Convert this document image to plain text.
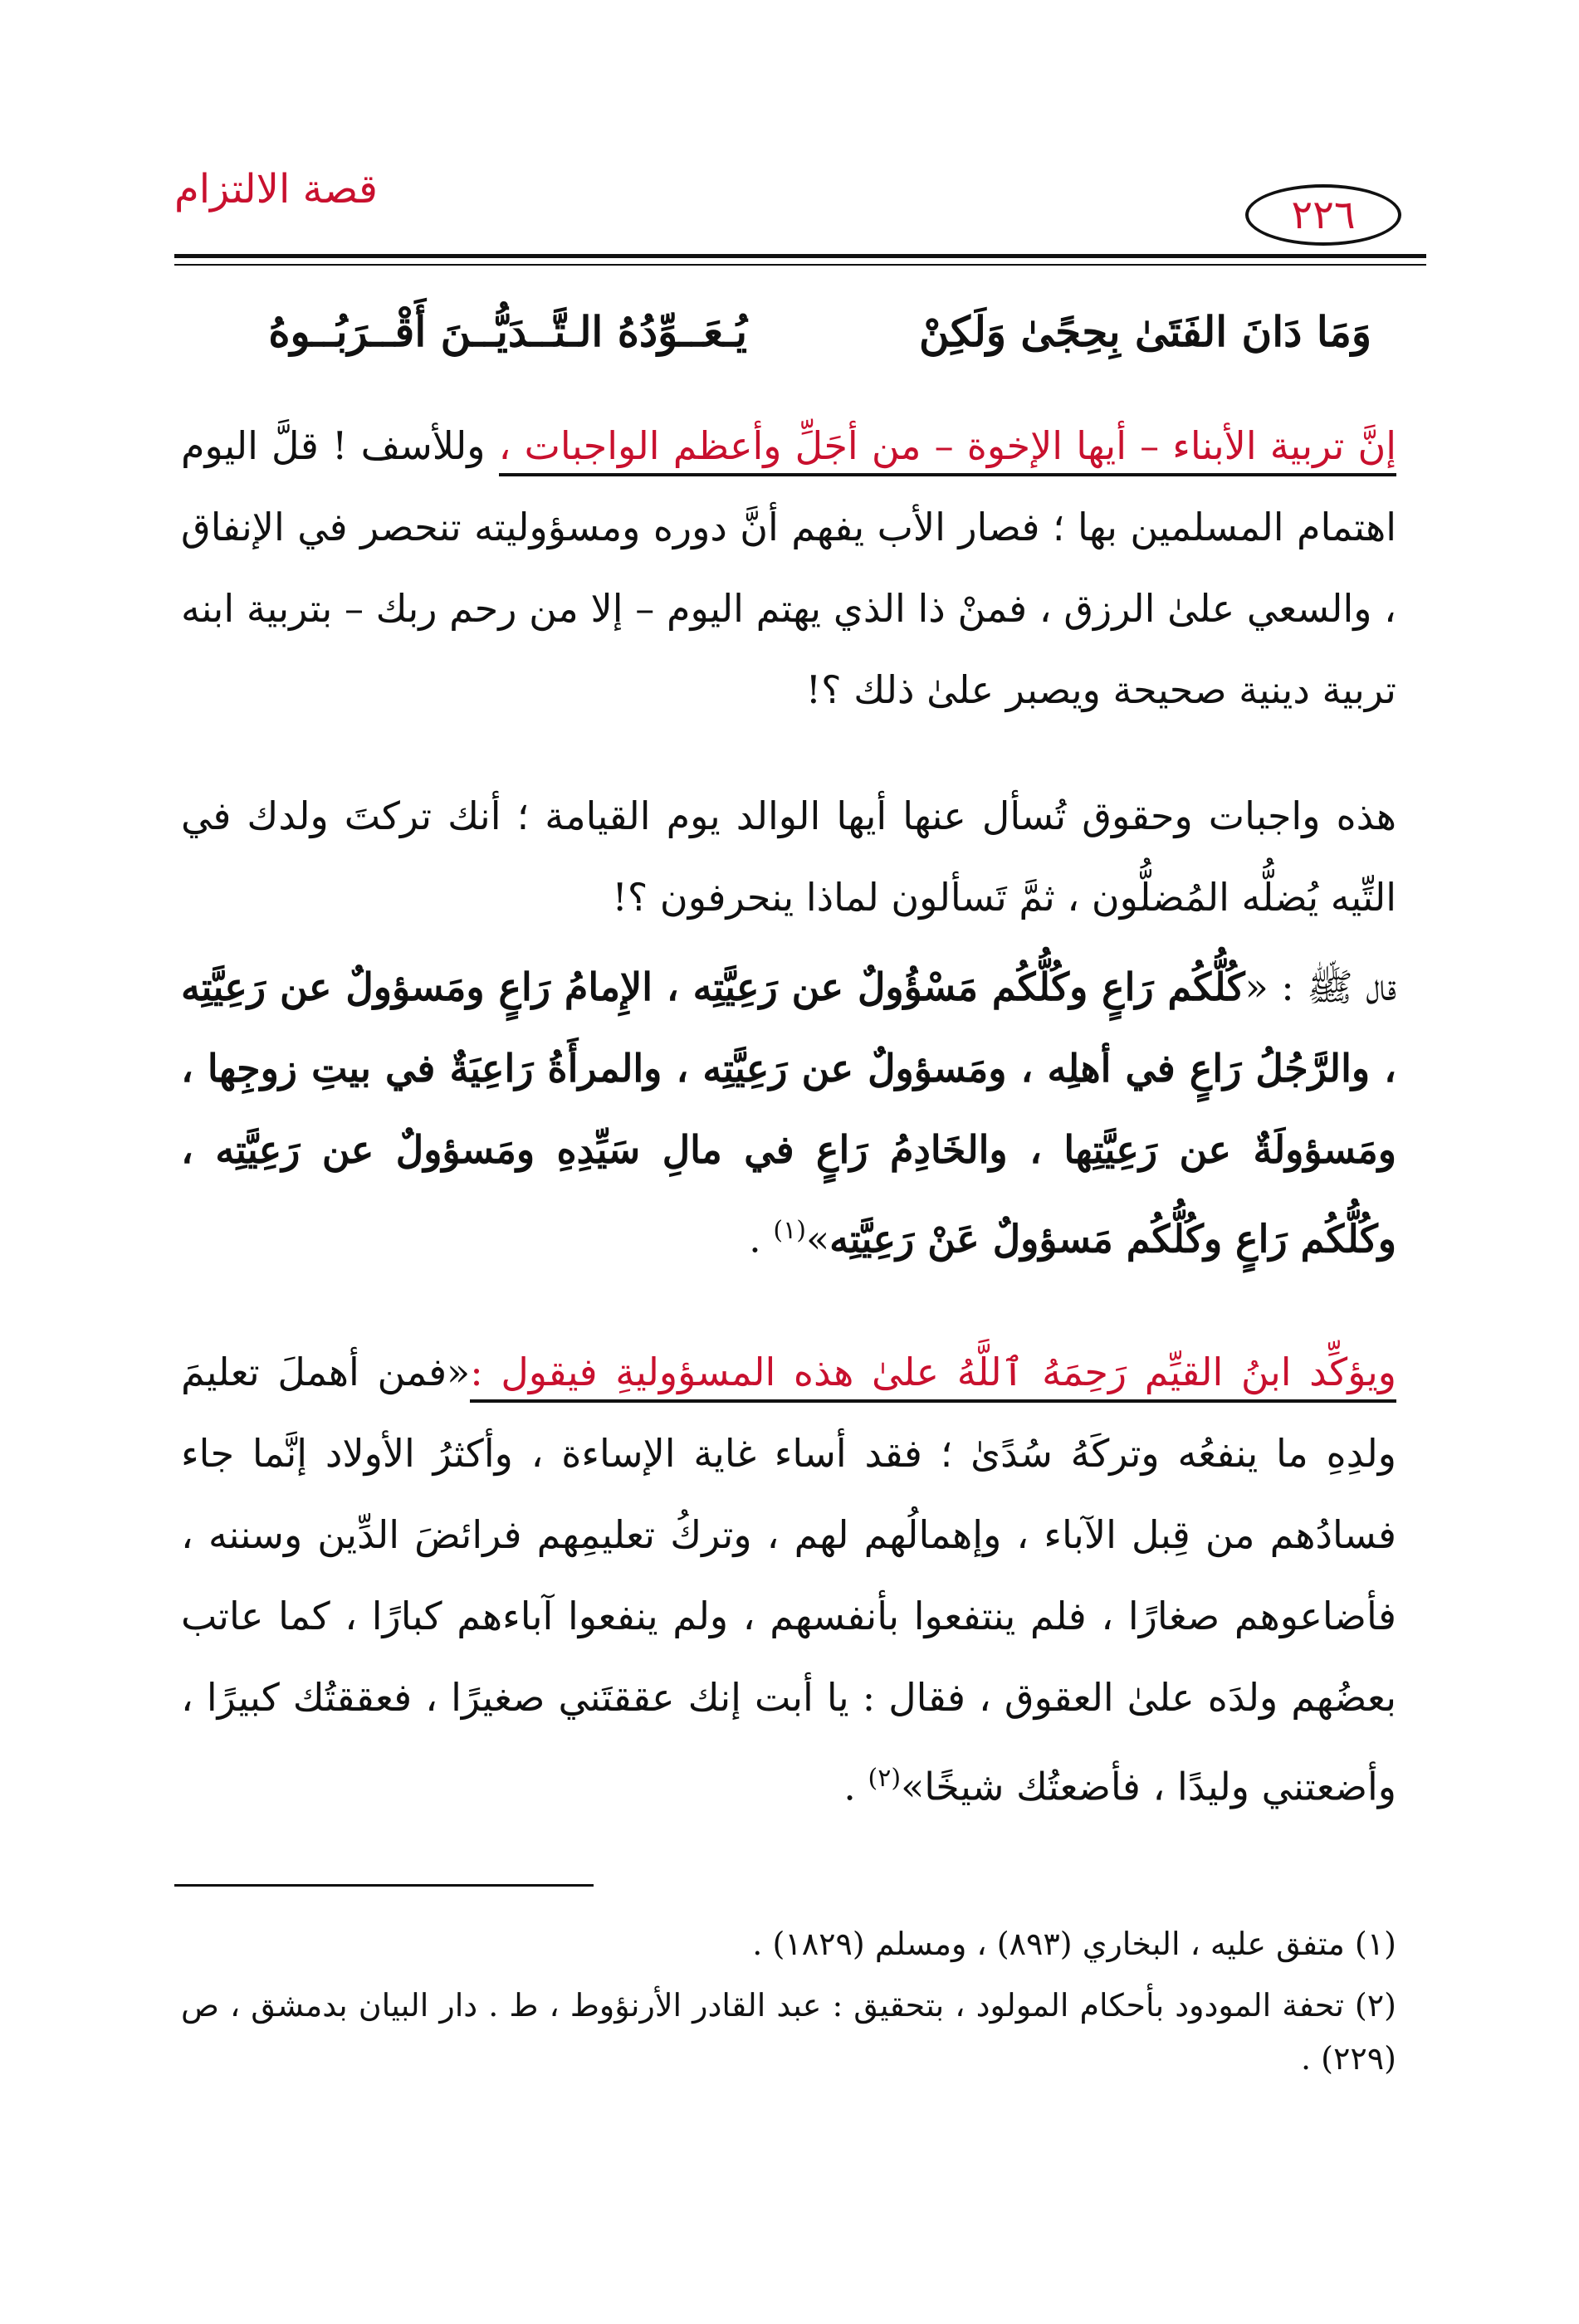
قصة الالتزام
٢٢٦
وَمَا دَانَ الفَتَىٰ بِحِجًىٰ وَلَكِنْ
يُـعَــوِّدُهُ الـتَّــدَيُّــنَ أَقْــرَبُــوهُ

إنَّ تربية الأبناء – أيها الإخوة – من أجَلِّ وأعظم الواجبات ، وللأسف ! قلَّ اليوم اهتمام المسلمين بها ؛ فصار الأب يفهم أنَّ دوره ومسؤوليته تنحصر في الإنفاق ، والسعي علىٰ الرزق ، فمنْ ذا الذي يهتم اليوم – إلا من رحم ربك – بتربية ابنه تربية دينية صحيحة ويصبر علىٰ ذلك ؟!

هذه واجبات وحقوق تُسأل عنها أيها الوالد يوم القيامة ؛ أنك تركتَ ولدك في التِّيه يُضلُّه المُضلُّون ، ثمَّ تَسألون لماذا ينحرفون ؟!

قال ﷺ : «كُلُّكُم رَاعٍ وكُلُّكُم مَسْؤُولٌ عن رَعِيَّتِه ، الإِمامُ رَاعٍ ومَسؤولٌ عن رَعِيَّتِه ، والرَّجُلُ رَاعٍ في أهلِه ، ومَسؤولٌ عن رَعِيَّتِه ، والمرأَةُ رَاعِيَةٌ في بيتِ زوجِها ، ومَسؤولَةٌ عن رَعِيَّتِها ، والخَادِمُ رَاعٍ في مالِ سَيِّدِهِ ومَسؤولٌ عن رَعِيَّتِه ، وكُلُّكُم رَاعٍ وكُلُّكُم مَسؤولٌ عَنْ رَعِيَّتِه»$^{(١)}$ .

ويؤكِّد ابنُ القيِّم رَحِمَهُ ٱللَّهُ علىٰ هذه المسؤوليةِ فيقول :«فمن أهملَ تعليمَ ولدِهِ ما ينفعُه وتركَهُ سُدًىٰ ؛ فقد أساء غاية الإساءة ، وأكثرُ الأولاد إنَّما جاء فسادُهم من قِبل الآباء ، وإهمالُهم لهم ، وتركُ تعليمِهم فرائضَ الدِّين وسننه ، فأضاعوهم صغارًا ، فلم ينتفعوا بأنفسهم ، ولم ينفعوا آباءهم كبارًا ، كما عاتب بعضُهم ولدَه علىٰ العقوق ، فقال : يا أبت إنك عققتَني صغيرًا ، فعققتُك كبيرًا ، وأضعتني وليدًا ، فأضعتُك شيخًا»$^{(٢)}$ .

(١) متفق عليه ، البخاري (٨٩٣) ، ومسلم (١٨٢٩) .

(٢) تحفة المودود بأحكام المولود ، بتحقيق : عبد القادر الأرنؤوط ، ط . دار البيان بدمشق ، ص (٢٢٩) .
